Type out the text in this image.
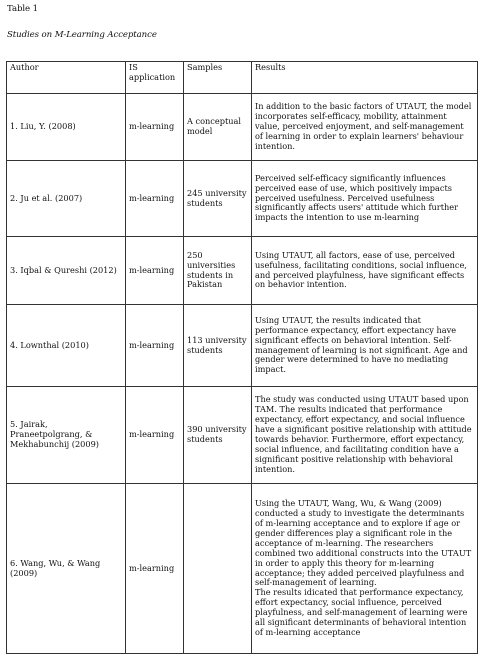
Table 1
Studies on M-Learning Acceptance
Author	IS application	Samples	Results
1. Liu, Y. (2008)	m-learning	A conceptual model	In addition to the basic factors of UTAUT, the model incorporates self-efficacy, mobility, attainment value, perceived enjoyment, and self-management of learning in order to explain learners' behaviour intention.
2. Ju et al. (2007)	m-learning	245 university students	Perceived self-efficacy significantly influences perceived ease of use, which positively impacts perceived usefulness. Perceived usefulness significantly affects users' attitude which further impacts the intention to use m-learning
3. Iqbal & Qureshi (2012)	m-learning	250 universities students in Pakistan	Using UTAUT, all factors, ease of use, perceived usefulness, facilitating conditions, social influence, and perceived playfulness, have significant effects on behavior intention.
4. Lownthal (2010)	m-learning	113 university students	Using UTAUT, the results indicated that performance expectancy, effort expectancy have significant effects on behavioral intention. Self-management of learning is not significant. Age and gender were determined to have no mediating impact.
5. Jairak, Praneetpolgrang, & Mekhabunchij (2009)	m-learning	390 university students	The study was conducted using UTAUT based upon TAM. The results indicated that performance expectancy, effort expectancy, and social influence have a significant positive relationship with attitude towards behavior. Furthermore, effort expectancy, social influence, and facilitating condition have a significant positive relationship with behavioral intention.
6. Wang, Wu, & Wang (2009)	m-learning		Using the UTAUT, Wang, Wu, & Wang (2009) conducted a study to investigate the determinants of m-learning acceptance and to explore if age or gender differences play a significant role in the acceptance of m-learning. The researchers combined two additional constructs into the UTAUT in order to apply this theory for m-learning acceptance; they added perceived playfulness and self-management of learning.

The results idicated that performance expectancy, effort expectancy, social influence, perceived playfulness, and self-management of learning were all significant determinants of behavioral intention of m-learning acceptance
